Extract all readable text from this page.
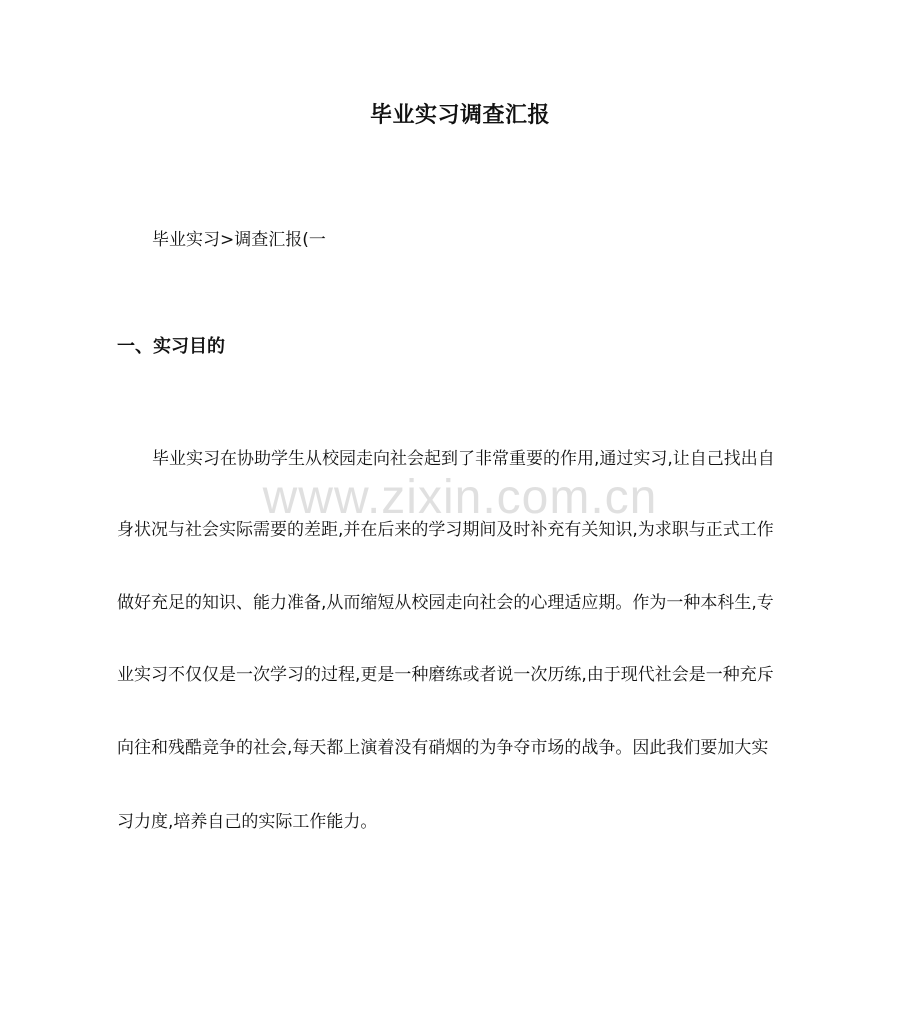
毕业实习调查汇报
毕业实习>调查汇报(一
一、实习目的
毕业实习在协助学生从校园走向社会起到了非常重要的作用,通过实习,让自己找出自
身状况与社会实际需要的差距,并在后来的学习期间及时补充有关知识,为求职与正式工作
做好充足的知识、能力准备,从而缩短从校园走向社会的心理适应期。作为一种本科生,专
业实习不仅仅是一次学习的过程,更是一种磨练或者说一次历练,由于现代社会是一种充斥
向往和残酷竞争的社会,每天都上演着没有硝烟的为争夺市场的战争。因此我们要加大实
习力度,培养自己的实际工作能力。
www.zixin.com.cn
